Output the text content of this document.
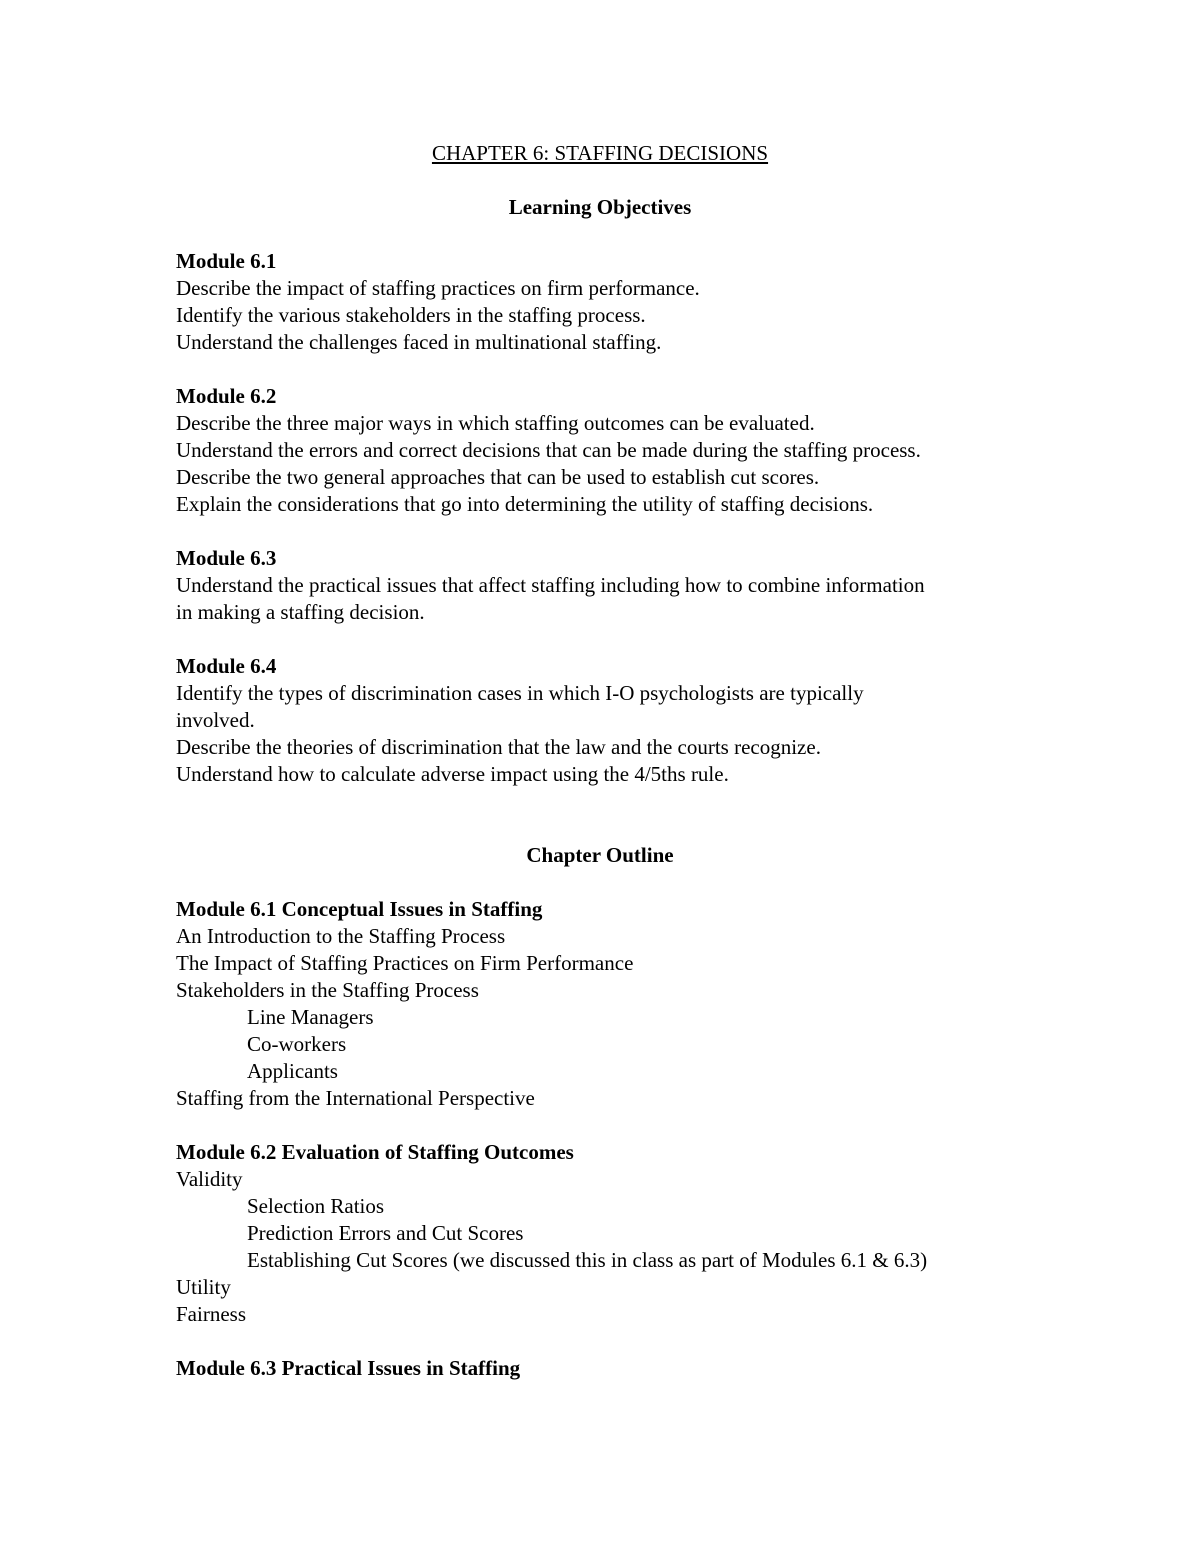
CHAPTER 6: STAFFING DECISIONS
Learning Objectives
Module 6.1
Describe the impact of staffing practices on firm performance.
Identify the various stakeholders in the staffing process.
Understand the challenges faced in multinational staffing.
Module 6.2
Describe the three major ways in which staffing outcomes can be evaluated.
Understand the errors and correct decisions that can be made during the staffing process.
Describe the two general approaches that can be used to establish cut scores.
Explain the considerations that go into determining the utility of staffing decisions.
Module 6.3
Understand the practical issues that affect staffing including how to combine information
in making a staffing decision.
Module 6.4
Identify the types of discrimination cases in which I-O psychologists are typically
involved.
Describe the theories of discrimination that the law and the courts recognize.
Understand how to calculate adverse impact using the 4/5ths rule.
Chapter Outline
Module 6.1 Conceptual Issues in Staffing
An Introduction to the Staffing Process
The Impact of Staffing Practices on Firm Performance
Stakeholders in the Staffing Process
Line Managers
Co-workers
Applicants
Staffing from the International Perspective
Module 6.2 Evaluation of Staffing Outcomes
Validity
Selection Ratios
Prediction Errors and Cut Scores
Establishing Cut Scores (we discussed this in class as part of Modules 6.1 & 6.3)
Utility
Fairness
Module 6.3 Practical Issues in Staffing
